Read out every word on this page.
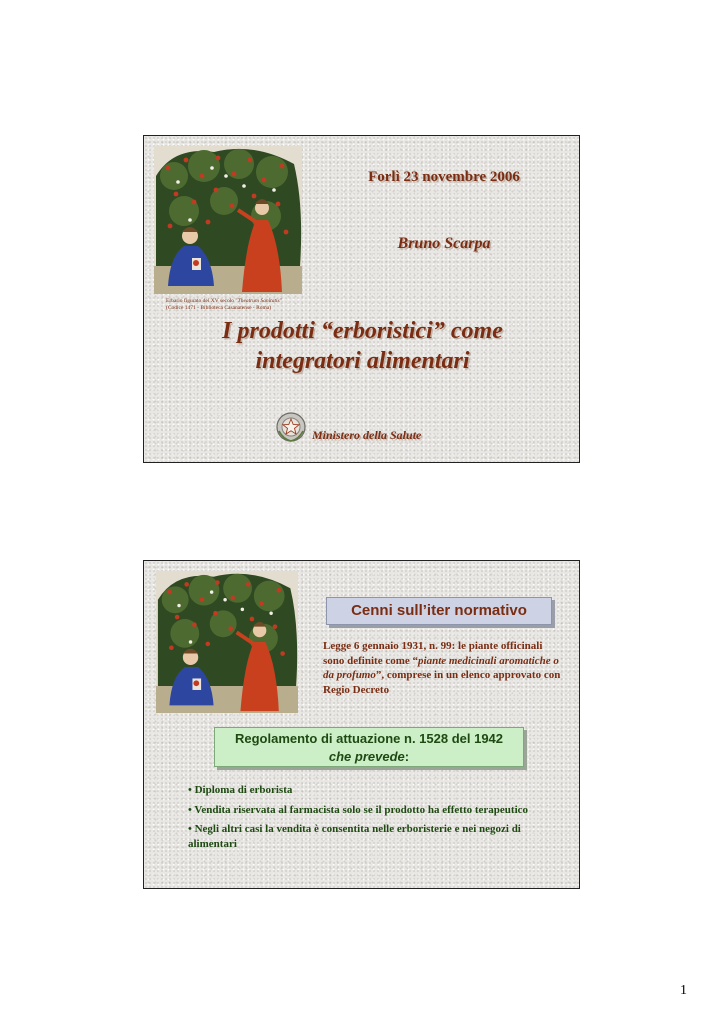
Forlì 23 novembre 2006
Bruno Scarpa
Erbario figurato del XV secolo "Theatrum Sanitatis"
(Codice 1471 - Biblioteca Casanatense - Roma)
I prodotti “erboristici” come
integratori alimentari
Ministero della Salute
Cenni sull’iter normativo
Legge 6 gennaio 1931, n. 99: le piante officinali sono definite come “piante medicinali aromatiche o da profumo”, comprese in un elenco approvato con Regio Decreto
Regolamento di attuazione n. 1528 del 1942
che prevede:
• Diploma di erborista
• Vendita riservata al farmacista solo se il prodotto ha effetto terapeutico
• Negli altri casi la vendita è consentita nelle erboristerie e nei negozi di alimentari
1
